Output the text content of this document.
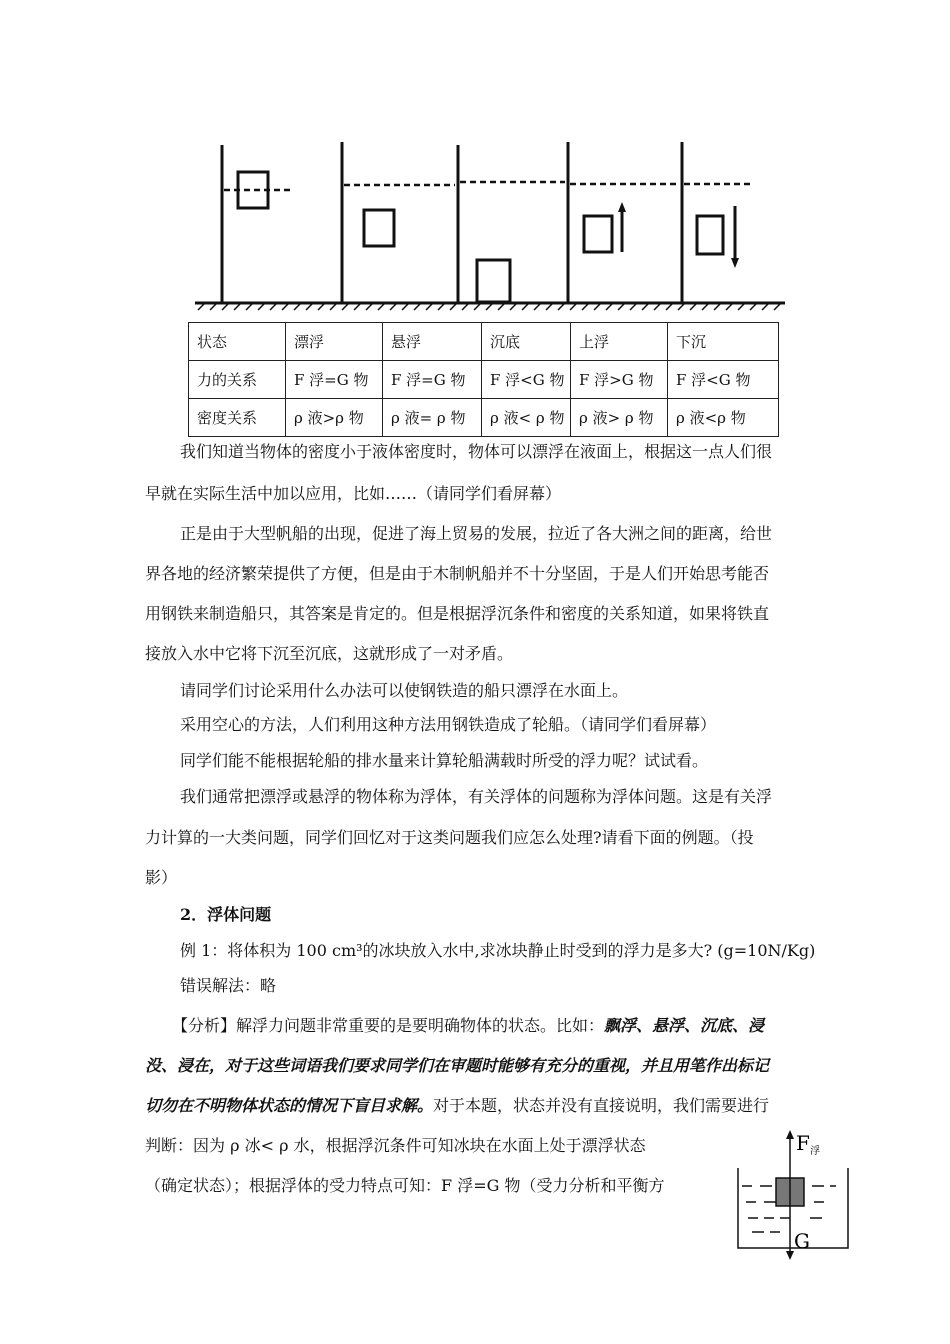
状态	漂浮	悬浮	沉底	上浮	下沉
力的关系	F 浮=G 物	F 浮=G 物	F 浮<G 物	F 浮>G 物	F 浮<G 物
密度关系	ρ 液>ρ 物	ρ 液= ρ 物	ρ 液< ρ 物	ρ 液> ρ 物	ρ 液<ρ 物
我们知道当物体的密度小于液体密度时，物体可以漂浮在液面上，根据这一点人们很
早就在实际生活中加以应用，比如……（请同学们看屏幕）
正是由于大型帆船的出现，促进了海上贸易的发展，拉近了各大洲之间的距离，给世
界各地的经济繁荣提供了方便，但是由于木制帆船并不十分坚固，于是人们开始思考能否
用钢铁来制造船只，其答案是肯定的。但是根据浮沉条件和密度的关系知道，如果将铁直
接放入水中它将下沉至沉底，这就形成了一对矛盾。
请同学们讨论采用什么办法可以使钢铁造的船只漂浮在水面上。
采用空心的方法，人们利用这种方法用钢铁造成了轮船。（请同学们看屏幕）
同学们能不能根据轮船的排水量来计算轮船满载时所受的浮力呢？试试看。
我们通常把漂浮或悬浮的物体称为浮体，有关浮体的问题称为浮体问题。这是有关浮
力计算的一大类问题，同学们回忆对于这类问题我们应怎么处理?请看下面的例题。（投
影）
2．浮体问题
例 1：将体积为 100 cm³的冰块放入水中,求冰块静止时受到的浮力是多大? (g=10N/Kg)
错误解法：略
【分析】解浮力问题非常重要的是要明确物体的状态。比如：飘浮、悬浮、沉底、浸
没、浸在，对于这些词语我们要求同学们在审题时能够有充分的重视，并且用笔作出标记
切勿在不明物体状态的情况下盲目求解。对于本题，状态并没有直接说明，我们需要进行
判断：因为 ρ 冰< ρ 水，根据浮沉条件可知冰块在水面上处于漂浮状态
（确定状态）；根据浮体的受力特点可知：F 浮=G 物（受力分析和平衡方
F 浮
G
